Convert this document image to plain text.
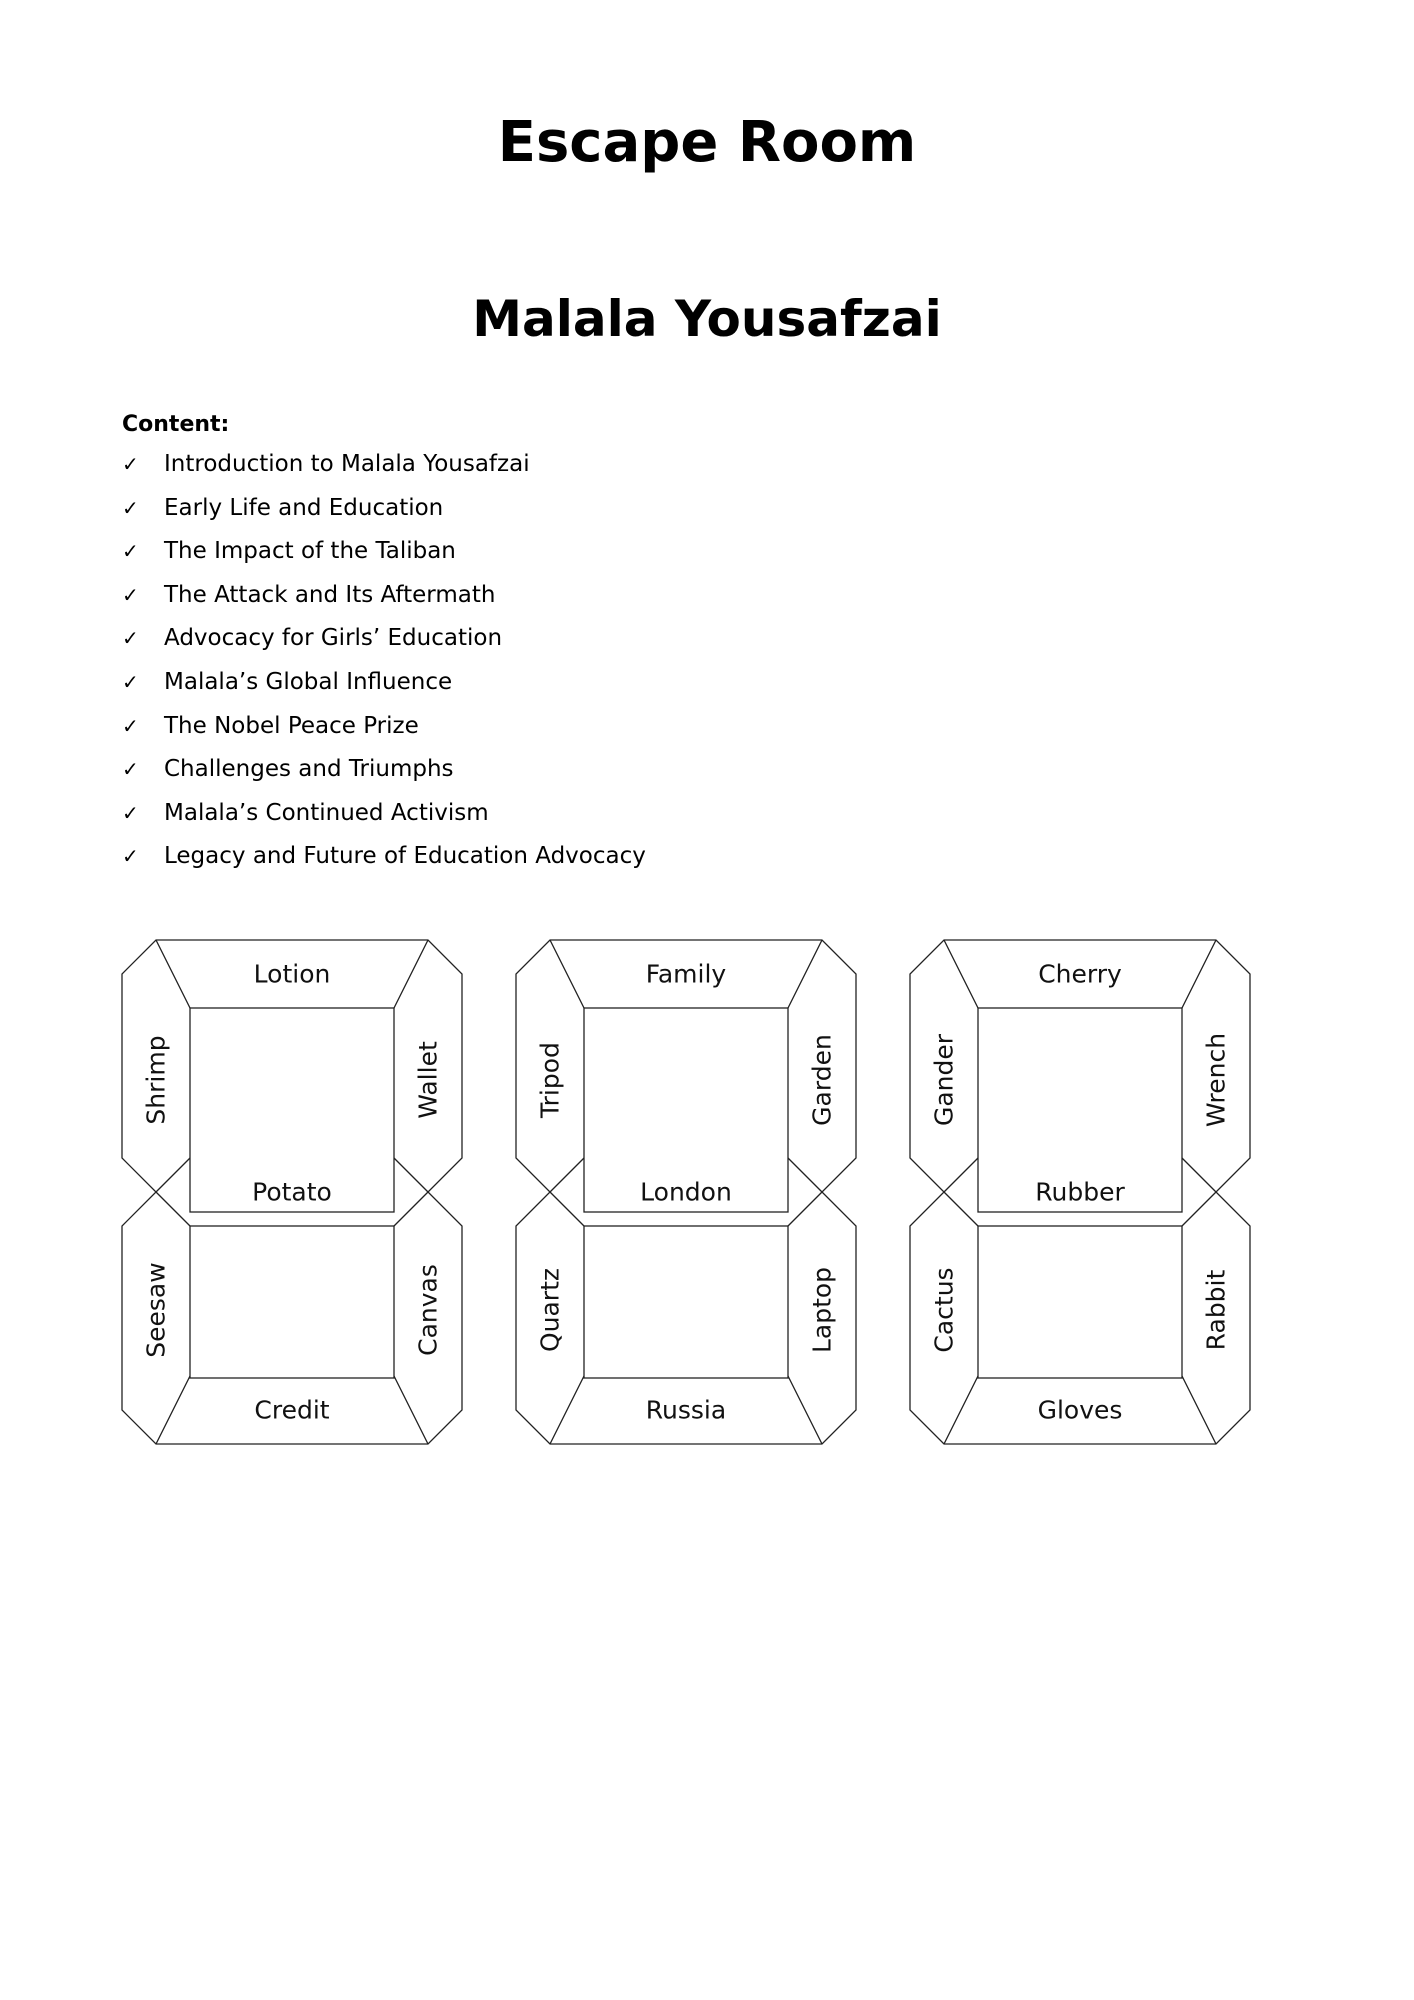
Escape Room
Malala Yousafzai

Content:

✓	Introduction to Malala Yousafzai
✓	Early Life and Education
✓	The Impact of the Taliban
✓	The Attack and Its Aftermath
✓	Advocacy for Girls’ Education
✓	Malala’s Global Influence
✓	The Nobel Peace Prize
✓	Challenges and Triumphs
✓	Malala’s Continued Activism
✓	Legacy and Future of Education Advocacy
Lotion
Shrimp	Wallet
Potato
Seesaw	Canvas
Credit
Family
Tripod	Garden
London
Quartz	Laptop
Russia
Cherry
Gander	Wrench
Rubber
Cactus	Rabbit
Gloves
